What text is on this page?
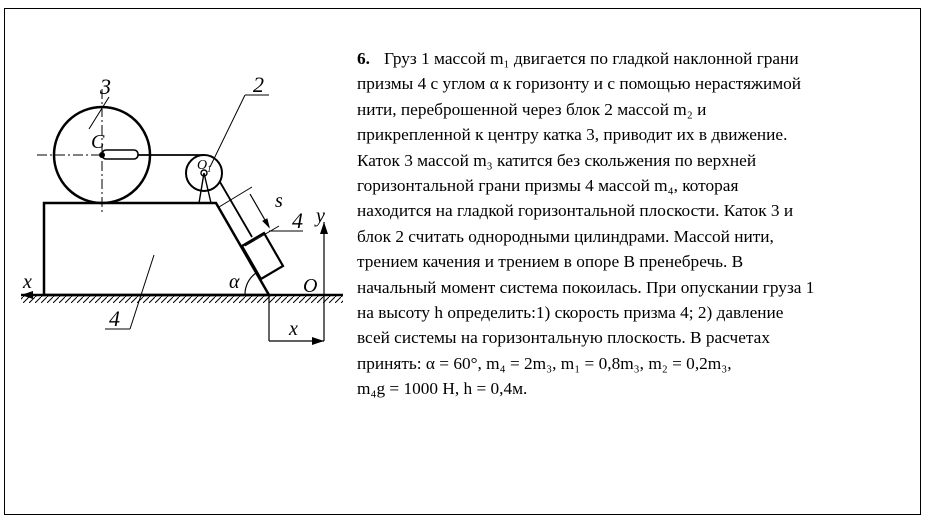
3	2
C
O 1
s
4 y
x	α	O
4	x
6. Груз 1 массой m₁ двигается по гладкой наклонной грани
призмы 4 с углом α к горизонту и с помощью нерастяжимой
нити, переброшенной через блок 2 массой m₂ и
прикрепленной к центру катка 3, приводит их в движение.
Каток 3 массой m₃ катится без скольжения по верхней
горизонтальной грани призмы 4 массой m₄, которая
находится на гладкой горизонтальной плоскости. Каток 3 и
блок 2 считать однородными цилиндрами. Массой нити,
трением качения и трением в опоре B пренебречь. В
начальный момент система покоилась. При опускании груза 1
на высоту h определить:1) скорость призма 4; 2) давление
всей системы на горизонтальную плоскость. В расчетах
принять: α = 60°, m₄ = 2m₃, m₁ = 0,8m₃, m₂ = 0,2m₃,
m₄g = 1000 Н, h = 0,4м.
